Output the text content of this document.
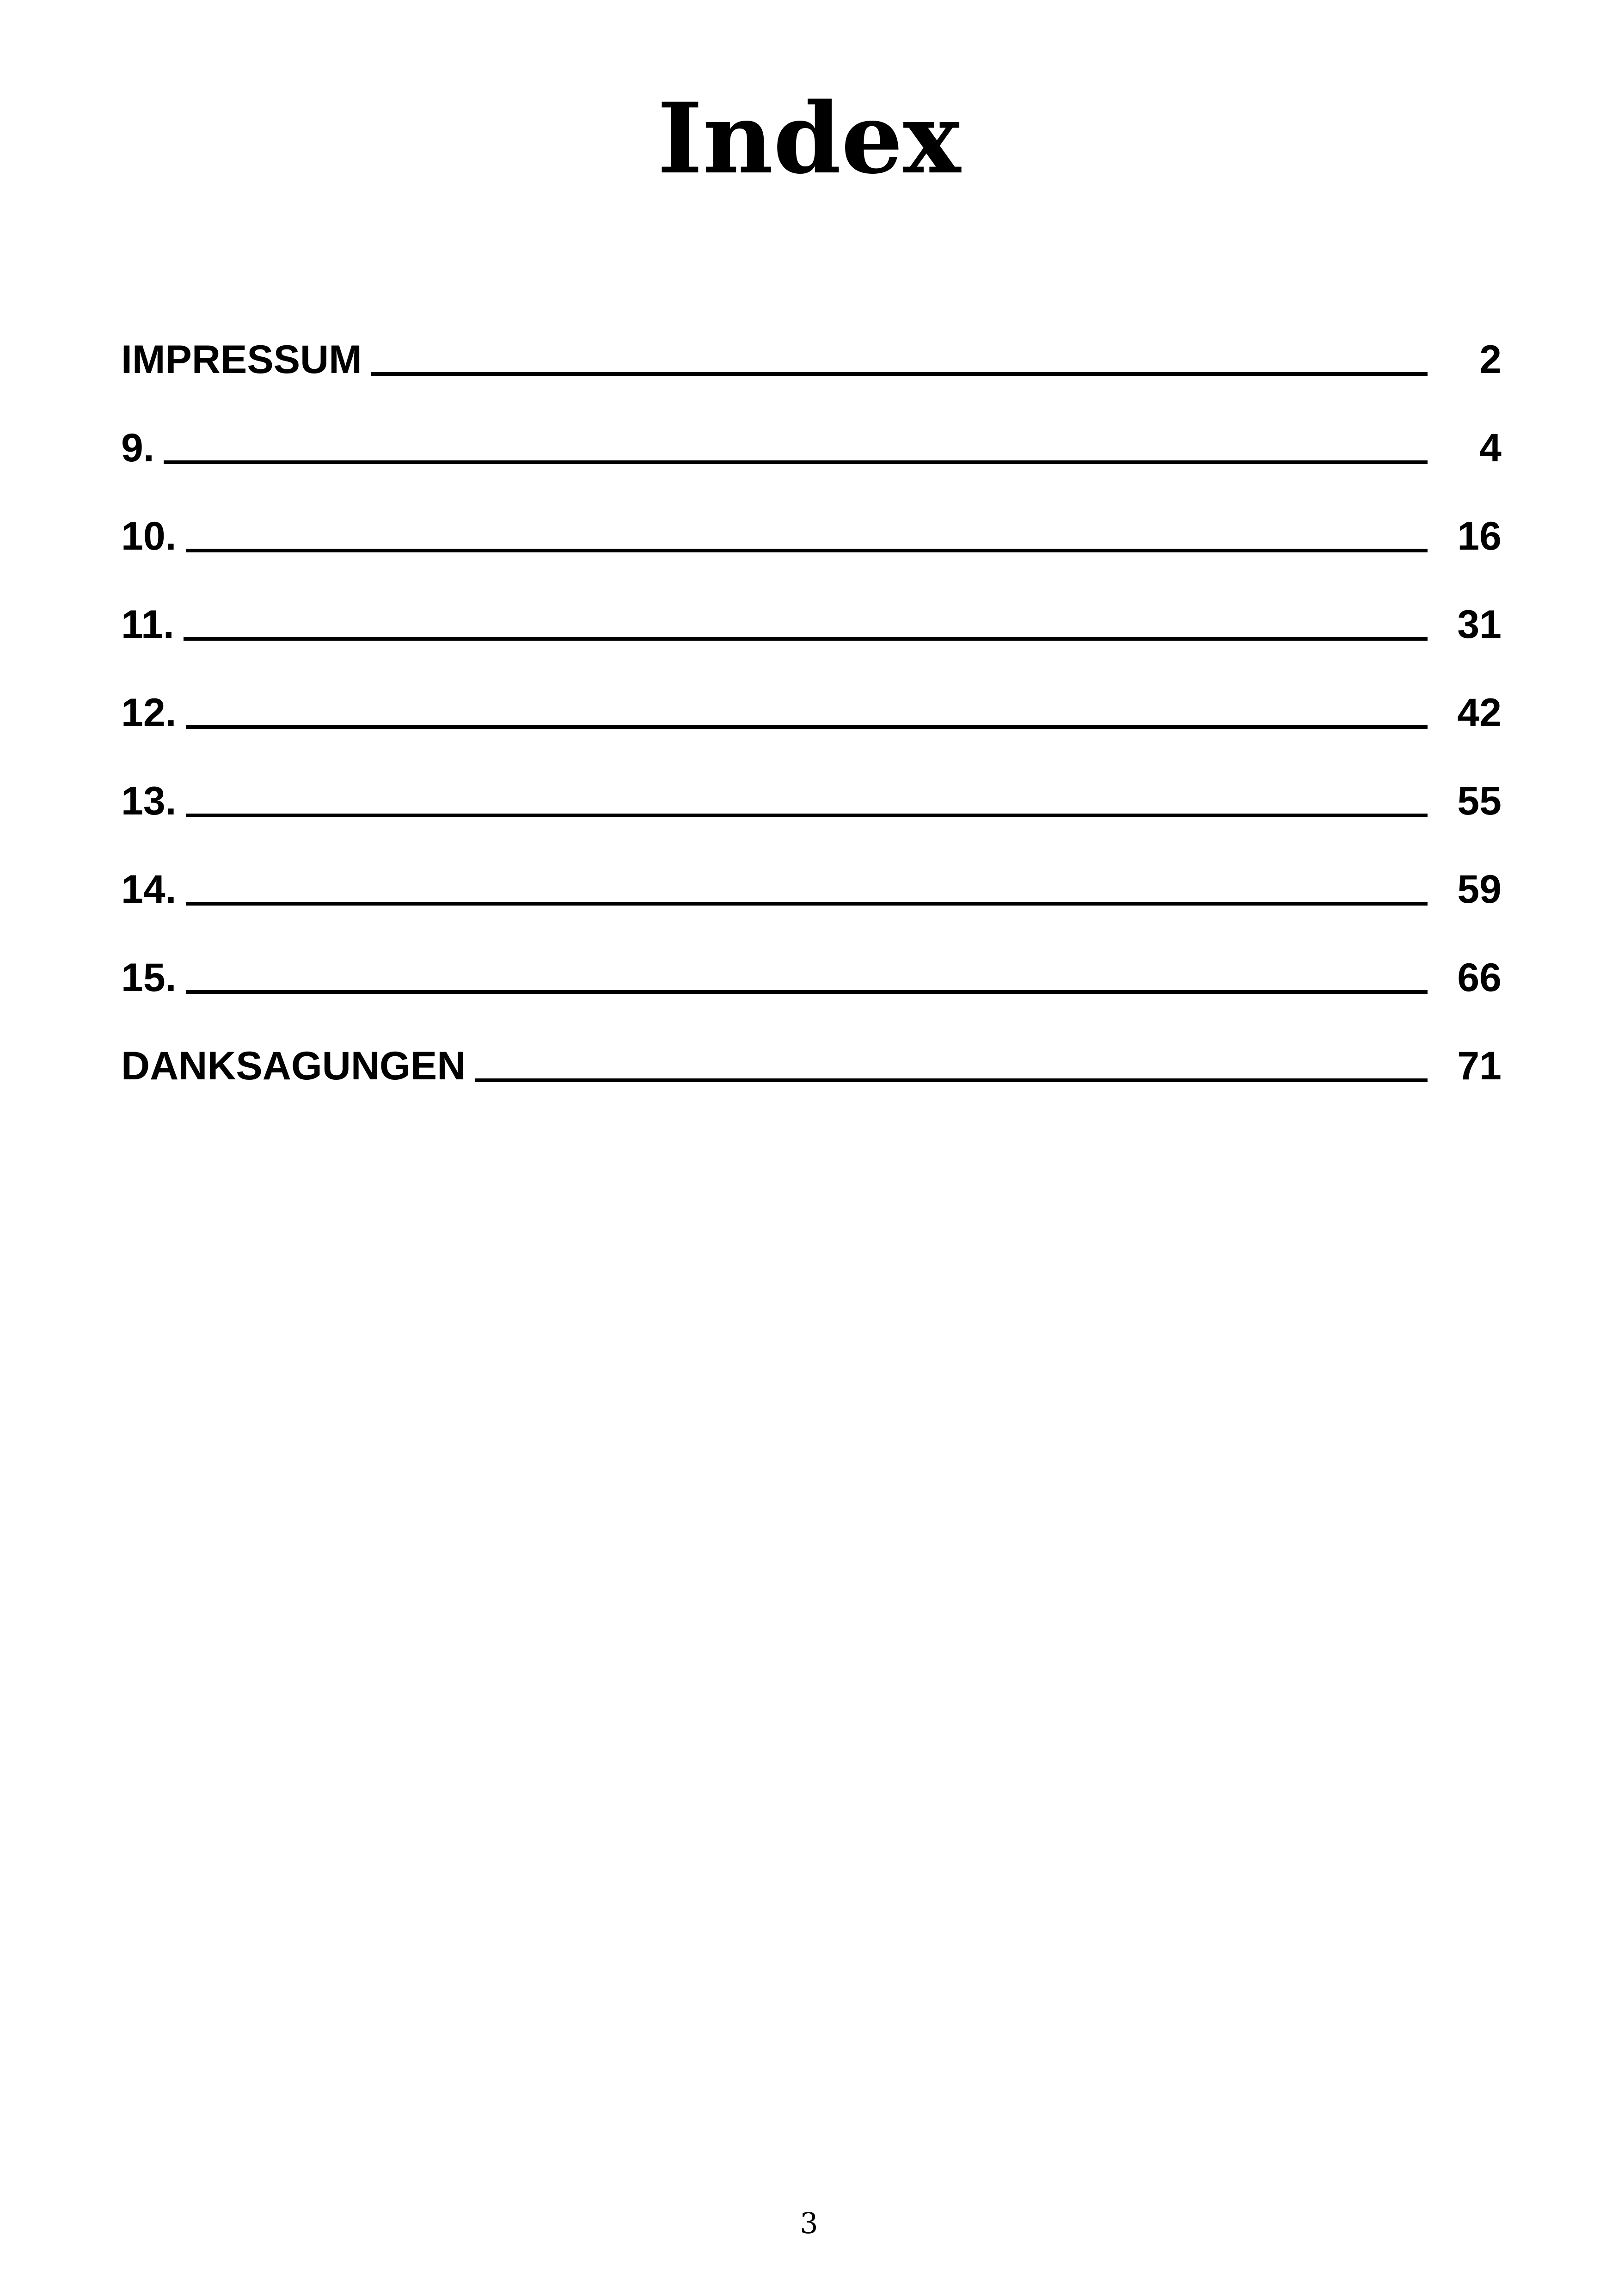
Index
IMPRESSUM	2
9.	4
10.	16
11.	31
12.	42
13.	55
14.	59
15.	66
DANKSAGUNGEN	71
3
